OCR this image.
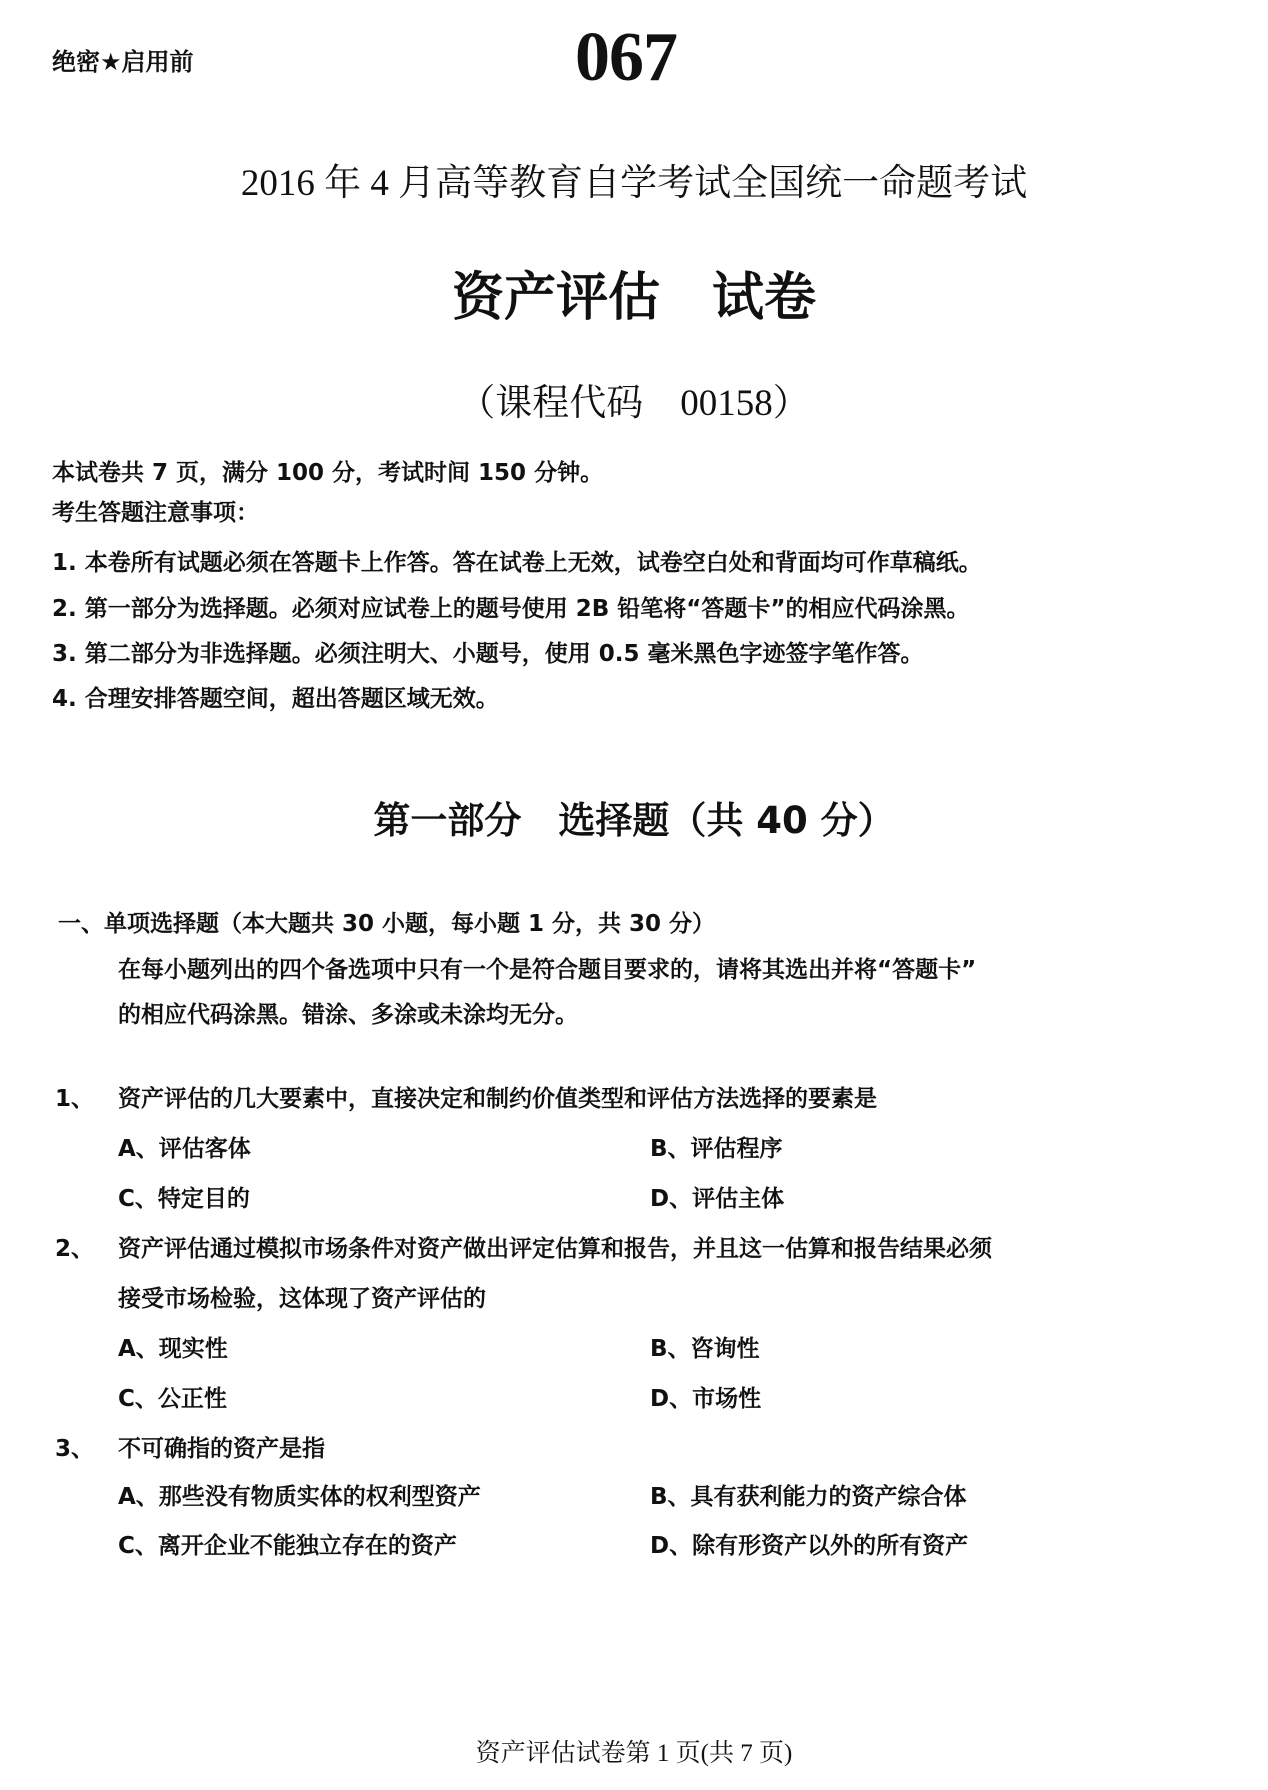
绝密★启用前	067
2016 年 4 月高等教育自学考试全国统一命题考试
资产评估　试卷
（课程代码　00158）
本试卷共 7 页，满分 100 分，考试时间 150 分钟。
考生答题注意事项：
1. 本卷所有试题必须在答题卡上作答。答在试卷上无效，试卷空白处和背面均可作草稿纸。
2. 第一部分为选择题。必须对应试卷上的题号使用 2B 铅笔将“答题卡”的相应代码涂黑。
3. 第二部分为非选择题。必须注明大、小题号，使用 0.5 毫米黑色字迹签字笔作答。
4. 合理安排答题空间，超出答题区域无效。
第一部分　选择题（共 40 分）
一、单项选择题（本大题共 30 小题，每小题 1 分，共 30 分）
在每小题列出的四个备选项中只有一个是符合题目要求的，请将其选出并将“答题卡”
的相应代码涂黑。错涂、多涂或未涂均无分。
1、 资产评估的几大要素中，直接决定和制约价值类型和评估方法选择的要素是
A、评估客体	B、评估程序
C、特定目的	D、评估主体
2、 资产评估通过模拟市场条件对资产做出评定估算和报告，并且这一估算和报告结果必须
接受市场检验，这体现了资产评估的
A、现实性	B、咨询性
C、公正性	D、市场性
3、 不可确指的资产是指
A、那些没有物质实体的权利型资产	B、具有获利能力的资产综合体
C、离开企业不能独立存在的资产	D、除有形资产以外的所有资产
资产评估试卷第 1 页(共 7 页)
